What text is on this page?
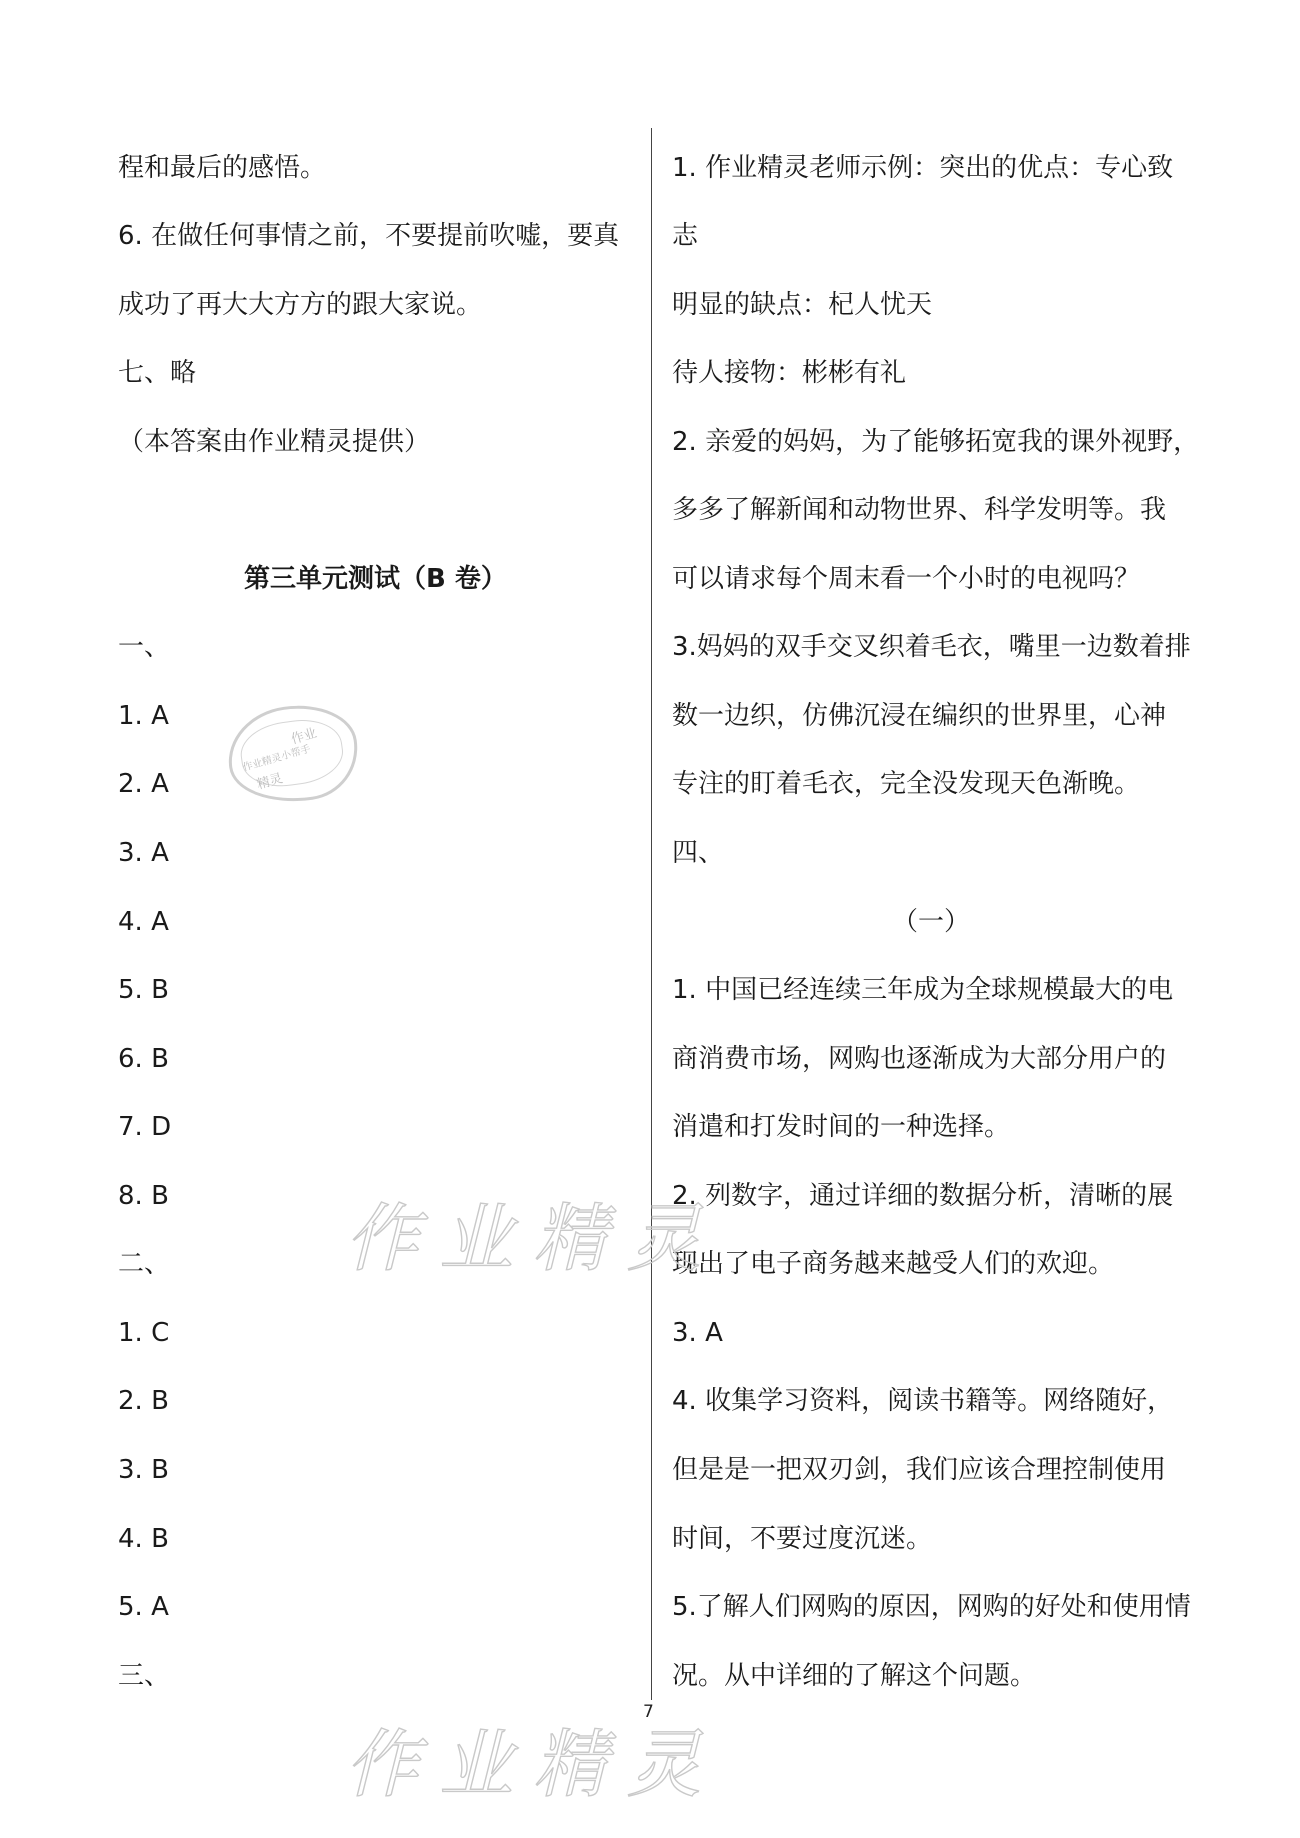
程和最后的感悟。
6. 在做任何事情之前，不要提前吹嘘，要真
成功了再大大方方的跟大家说。
七、略
（本答案由作业精灵提供）
第三单元测试（B 卷）
一、
1. A
2. A
3. A
4. A
5. B
6. B
7. D
8. B
二、
1. C
2. B
3. B
4. B
5. A
三、
1. 作业精灵老师示例：突出的优点：专心致
志
明显的缺点：杞人忧天
待人接物：彬彬有礼
2. 亲爱的妈妈，为了能够拓宽我的课外视野，
多多了解新闻和动物世界、科学发明等。我
可以请求每个周末看一个小时的电视吗？
3.妈妈的双手交叉织着毛衣，嘴里一边数着排
数一边织，仿佛沉浸在编织的世界里，心神
专注的盯着毛衣，完全没发现天色渐晚。
四、
（一）
1. 中国已经连续三年成为全球规模最大的电
商消费市场，网购也逐渐成为大部分用户的
消遣和打发时间的一种选择。
2. 列数字，通过详细的数据分析，清晰的展
现出了电子商务越来越受人们的欢迎。
3. A
4. 收集学习资料，阅读书籍等。网络随好，
但是是一把双刃剑，我们应该合理控制使用
时间，不要过度沉迷。
5.了解人们网购的原因，网购的好处和使用情
况。从中详细的了解这个问题。
作业
作业精灵小帮手
精灵
作业精灵
作业精灵
7
